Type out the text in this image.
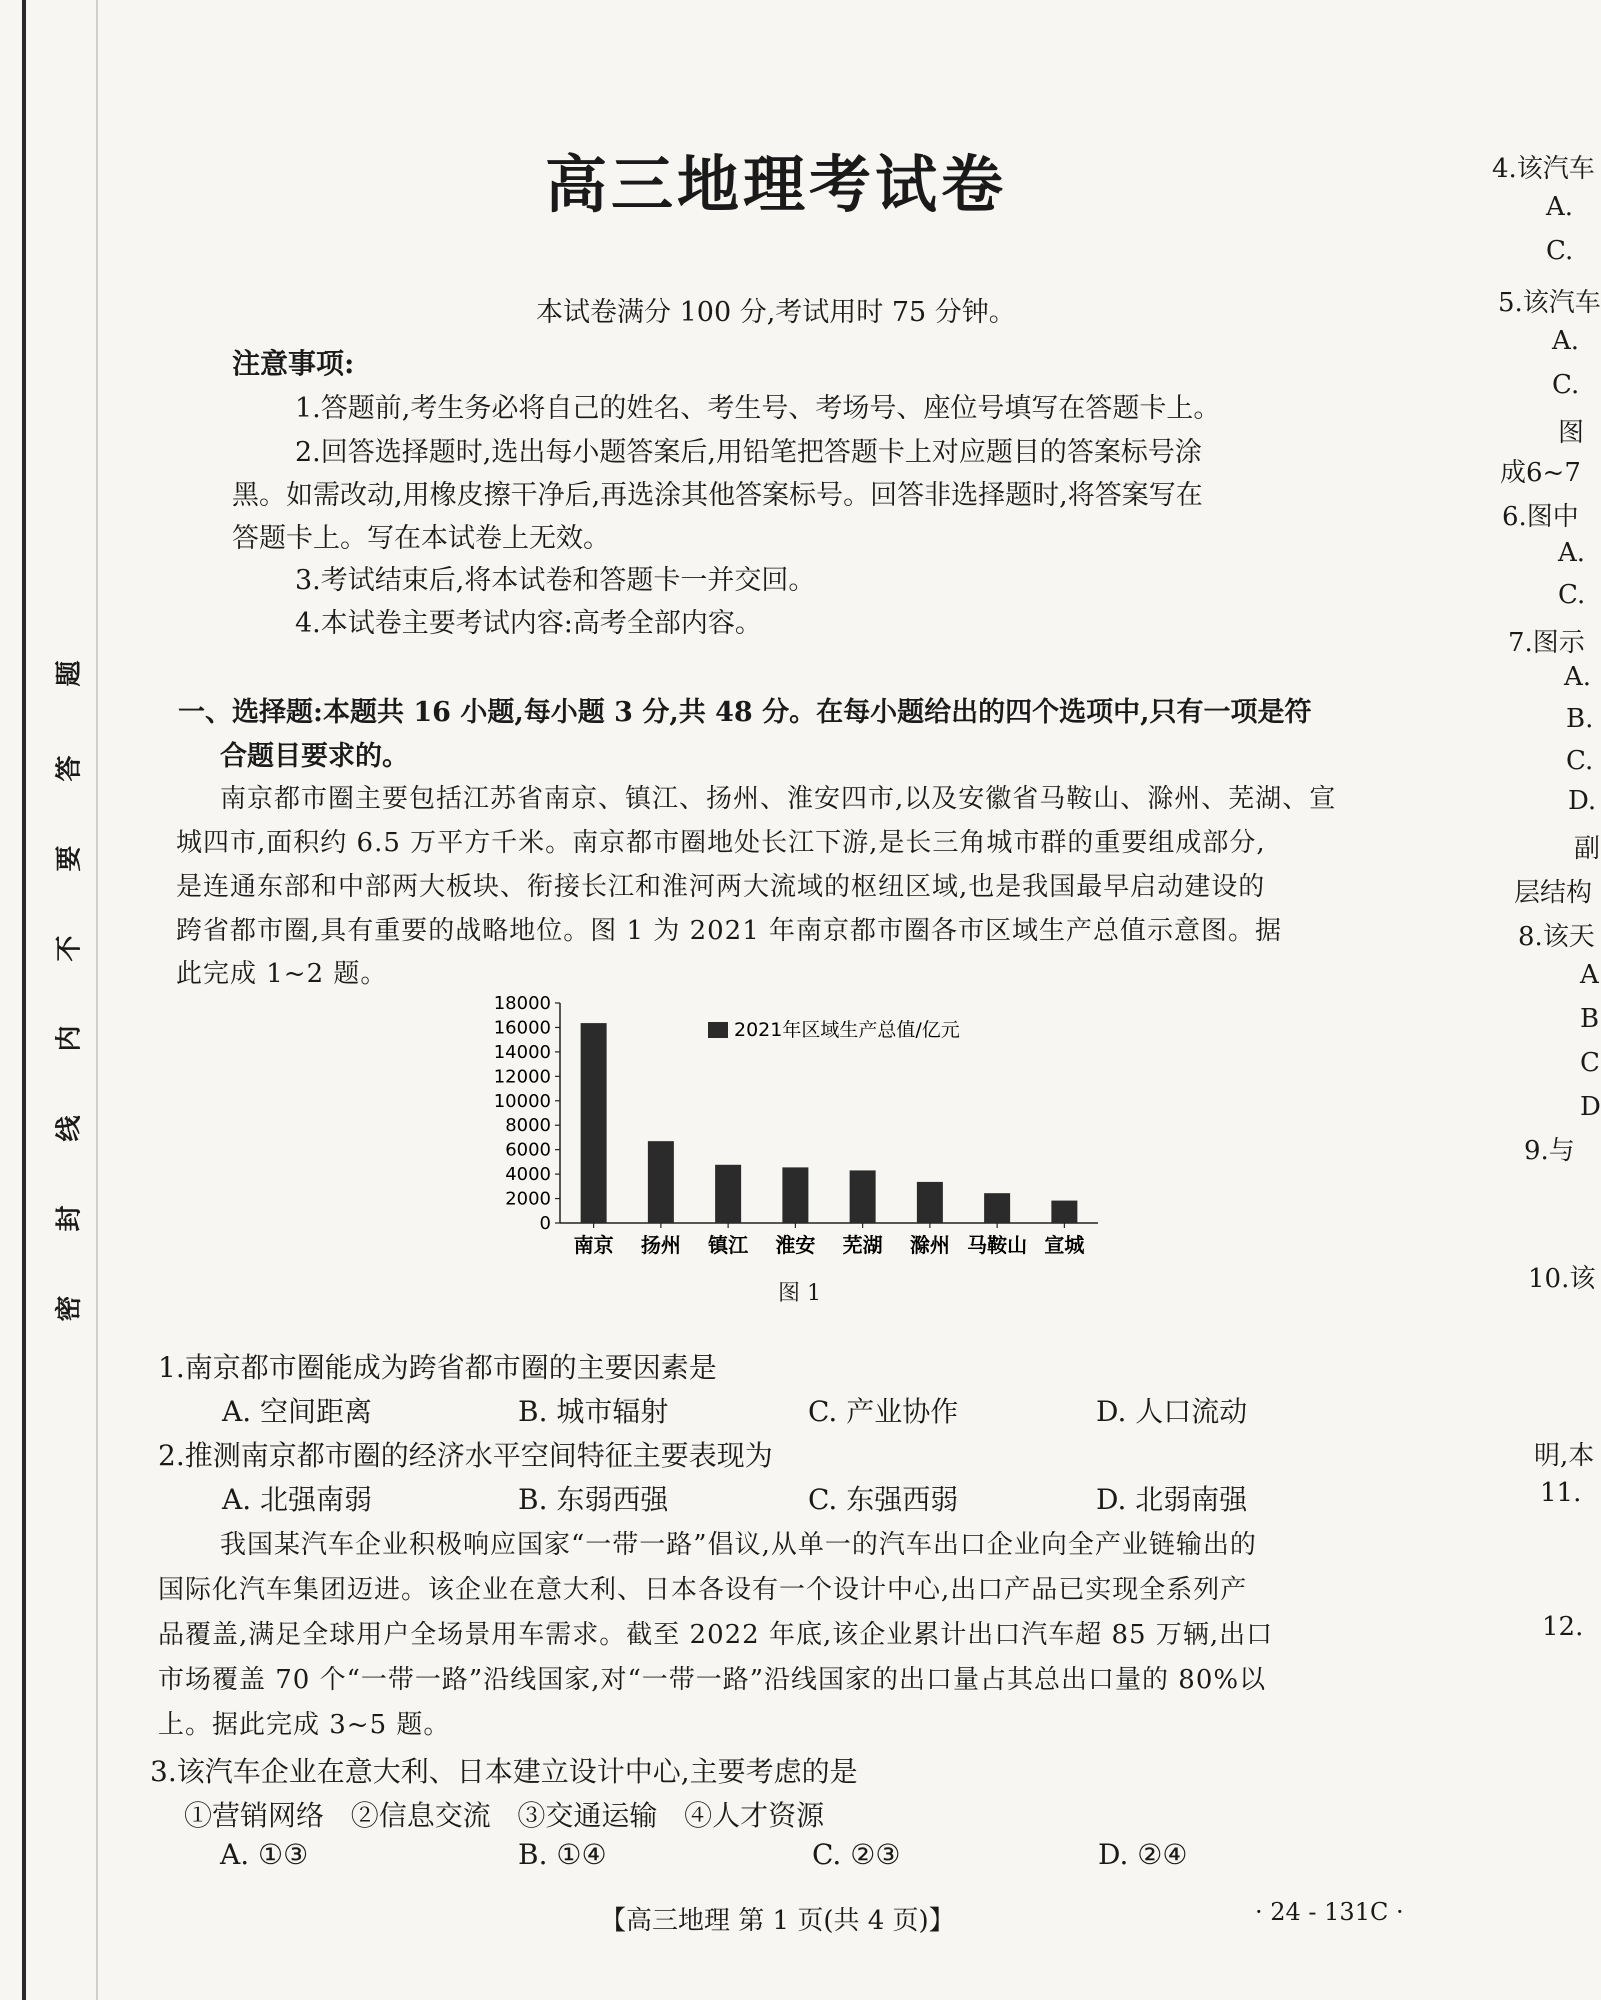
密
封
线
内
不
要
答
题
高三地理考试卷
本试卷满分 100 分,考试用时 75 分钟。
注意事项:
1.答题前,考生务必将自己的姓名、考生号、考场号、座位号填写在答题卡上。
2.回答选择题时,选出每小题答案后,用铅笔把答题卡上对应题目的答案标号涂
黑。如需改动,用橡皮擦干净后,再选涂其他答案标号。回答非选择题时,将答案写在
答题卡上。写在本试卷上无效。
3.考试结束后,将本试卷和答题卡一并交回。
4.本试卷主要考试内容:高考全部内容。
一、选择题:本题共 16 小题,每小题 3 分,共 48 分。在每小题给出的四个选项中,只有一项是符
合题目要求的。
南京都市圈主要包括江苏省南京、镇江、扬州、淮安四市,以及安徽省马鞍山、滁州、芜湖、宣
城四市,面积约 6.5 万平方千米。南京都市圈地处长江下游,是长三角城市群的重要组成部分,
是连通东部和中部两大板块、衔接长江和淮河两大流域的枢纽区域,也是我国最早启动建设的
跨省都市圈,具有重要的战略地位。图 1 为 2021 年南京都市圈各市区域生产总值示意图。据
此完成 1~2 题。
0
2000
4000
6000
8000
10000
12000
14000
16000
18000
南京 扬州 镇江 淮安 芜湖 滁州 马鞍山 宣城
2021年区域生产总值/亿元
图 1
1.南京都市圈能成为跨省都市圈的主要因素是
A. 空间距离	B. 城市辐射	C. 产业协作	D. 人口流动
2.推测南京都市圈的经济水平空间特征主要表现为
A. 北强南弱	B. 东弱西强	C. 东强西弱	D. 北弱南强
我国某汽车企业积极响应国家“一带一路”倡议,从单一的汽车出口企业向全产业链输出的
国际化汽车集团迈进。该企业在意大利、日本各设有一个设计中心,出口产品已实现全系列产
品覆盖,满足全球用户全场景用车需求。截至 2022 年底,该企业累计出口汽车超 85 万辆,出口
市场覆盖 70 个“一带一路”沿线国家,对“一带一路”沿线国家的出口量占其总出口量的 80%以
上。据此完成 3~5 题。
3.该汽车企业在意大利、日本建立设计中心,主要考虑的是
①营销网络   ②信息交流   ③交通运输   ④人才资源
A. ①③	B. ①④	C. ②③	D. ②④
【高三地理 第 1 页(共 4 页)】	· 24 - 131C ·
4.该汽车
A.
C.
5.该汽车
A.
C.
图
成6~7
6.图中
A.
C.
7.图示
A.
B.
C.
D.
副
层结构
8.该天
A
B
C
D
9.与
10.该
明,本
11.
12.
